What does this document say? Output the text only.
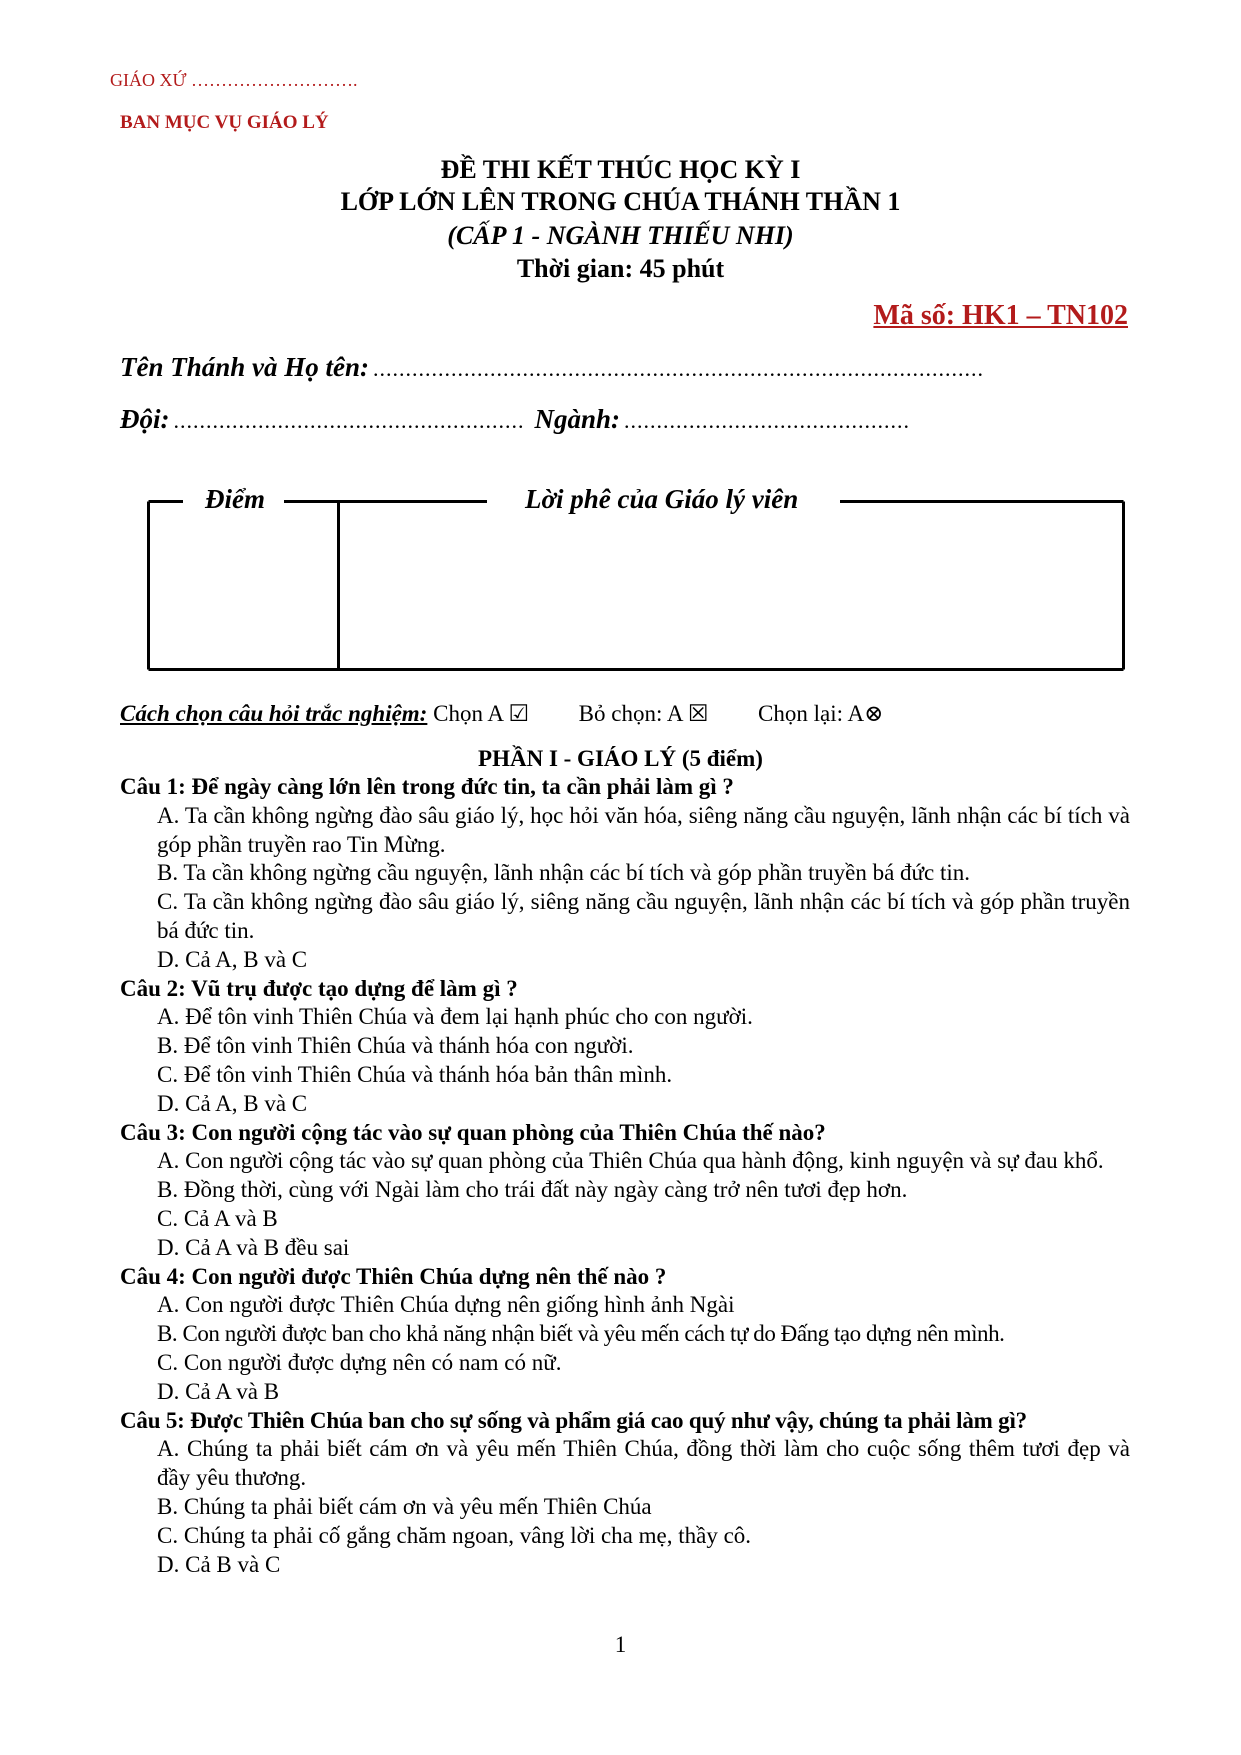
GIÁO XỨ ……………………….
BAN MỤC VỤ GIÁO LÝ
ĐỀ THI KẾT THÚC HỌC KỲ I
LỚP LỚN LÊN TRONG CHÚA THÁNH THẦN 1
(CẤP 1 - NGÀNH THIẾU NHI)
Thời gian: 45 phút
Mã số: HK1 – TN102
Tên Thánh và Họ tên: ..............................................................................................
Đội: ...................................................... Ngành: ............................................
Điểm	Lời phê của Giáo lý viên
Cách chọn câu hỏi trắc nghiệm: Chọn A ☑ Bỏ chọn: A ☒ Chọn lại: A⊗
PHẦN I - GIÁO LÝ (5 điểm)
Câu 1: Để ngày càng lớn lên trong đức tin, ta cần phải làm gì ?
A. Ta cần không ngừng đào sâu giáo lý, học hỏi văn hóa, siêng năng cầu nguyện, lãnh nhận các bí tích và góp phần truyền rao Tin Mừng.
B. Ta cần không ngừng cầu nguyện, lãnh nhận các bí tích và góp phần truyền bá đức tin.
C. Ta cần không ngừng đào sâu giáo lý, siêng năng cầu nguyện, lãnh nhận các bí tích và góp phần truyền bá đức tin.
D. Cả A, B và C
Câu 2: Vũ trụ được tạo dựng để làm gì ?
A. Để tôn vinh Thiên Chúa và đem lại hạnh phúc cho con người.
B. Để tôn vinh Thiên Chúa và thánh hóa con người.
C. Để tôn vinh Thiên Chúa và thánh hóa bản thân mình.
D. Cả A, B và C
Câu 3: Con người cộng tác vào sự quan phòng của Thiên Chúa thế nào?
A. Con người cộng tác vào sự quan phòng của Thiên Chúa qua hành động, kinh nguyện và sự đau khổ.
B. Đồng thời, cùng với Ngài làm cho trái đất này ngày càng trở nên tươi đẹp hơn.
C. Cả A và B
D. Cả A và B đều sai
Câu 4: Con người được Thiên Chúa dựng nên thế nào ?
A. Con người được Thiên Chúa dựng nên giống hình ảnh Ngài
B. Con người được ban cho khả năng nhận biết và yêu mến cách tự do Đấng tạo dựng nên mình.
C. Con người được dựng nên có nam có nữ.
D. Cả A và B
Câu 5: Được Thiên Chúa ban cho sự sống và phẩm giá cao quý như vậy, chúng ta phải làm gì?
A. Chúng ta phải biết cám ơn và yêu mến Thiên Chúa, đồng thời làm cho cuộc sống thêm tươi đẹp và đầy yêu thương.
B. Chúng ta phải biết cám ơn và yêu mến Thiên Chúa
C. Chúng ta phải cố gắng chăm ngoan, vâng lời cha mẹ, thầy cô.
D. Cả B và C
1
